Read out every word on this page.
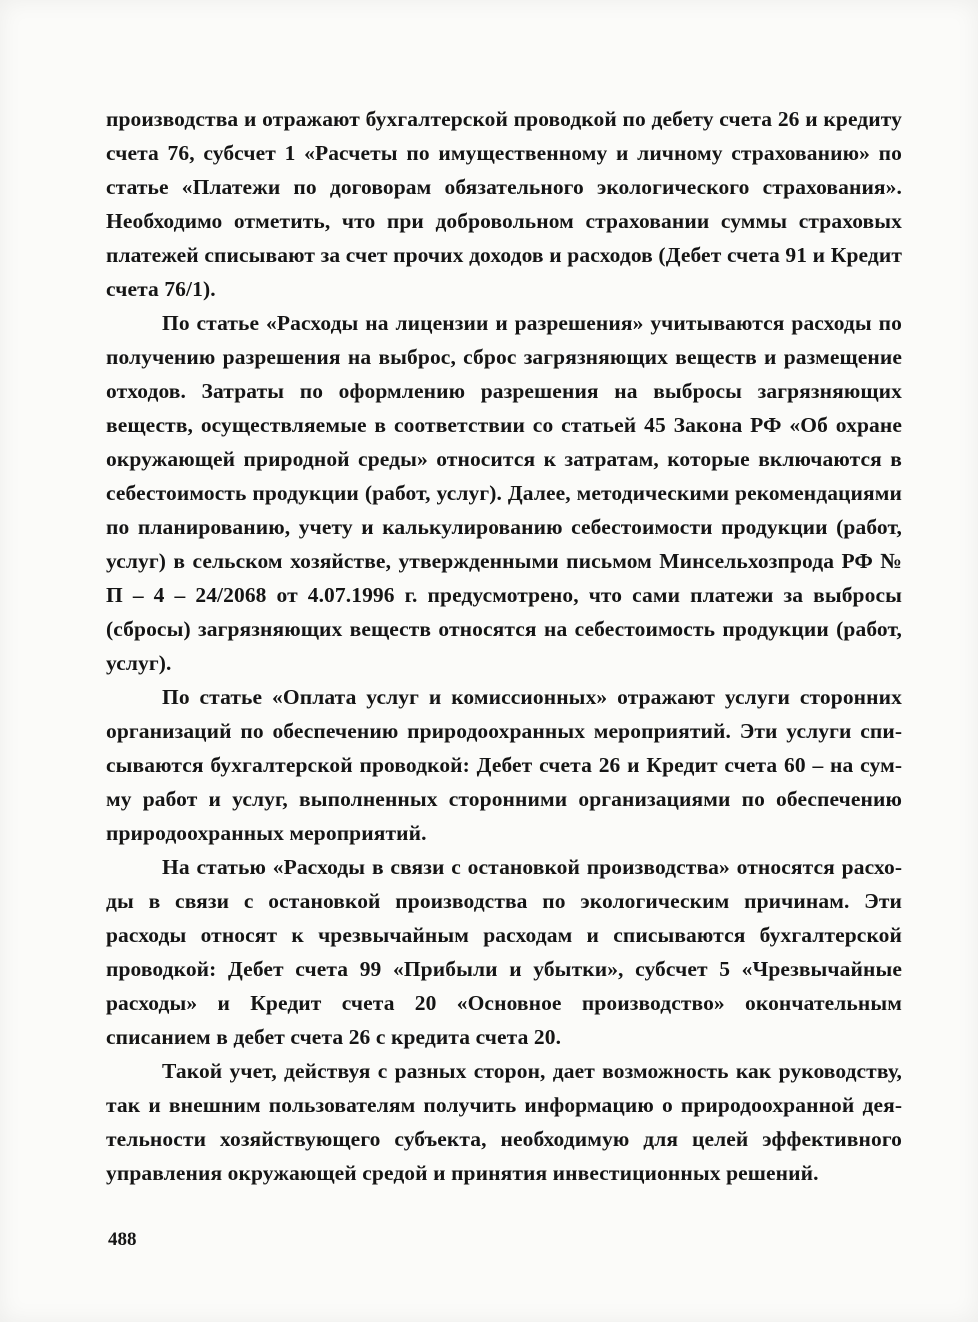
производства и отражают бухгалтерской проводкой по дебету счета 26 и кредиту счета 76, субсчет 1 «Расчеты по имущественному и личному страхованию» по статье «Платежи по договорам обязательного экологического страхования». Необходимо отметить, что при добровольном страховании суммы страховых платежей списывают за счет прочих доходов и расходов (Дебет счета 91 и Кредит счета 76/1).

По статье «Расходы на лицензии и разрешения» учитываются расходы по получению разрешения на выброс, сброс загрязняющих веществ и размещение отходов. Затраты по оформлению разрешения на выбросы загрязняющих веществ, осуществляемые в соответствии со статьей 45 Закона РФ «Об охране окружающей природной среды» относится к затратам, которые включаются в себестоимость продукции (работ, услуг). Далее, методическими рекомендациями по планированию, учету и калькулированию себестоимости продукции (работ, услуг) в сельском хозяйстве, утвержденными письмом Минсельхозпрода РФ № П – 4 – 24/2068 от 4.07.1996 г. предусмотрено, что сами платежи за выбросы (сбросы) загрязняющих веществ относятся на себестоимость продукции (работ, услуг).

По статье «Оплата услуг и комиссионных» отражают услуги сторонних организаций по обеспечению природоохранных мероприятий. Эти услуги списываются бухгалтерской проводкой: Дебет счета 26 и Кредит счета 60 – на сумму работ и услуг, выполненных сторонними организациями по обеспечению природоохранных мероприятий.

На статью «Расходы в связи с остановкой производства» относятся расходы в связи с остановкой производства по экологическим причинам. Эти расходы относят к чрезвычайным расходам и списываются бухгалтерской проводкой: Дебет счета 99 «Прибыли и убытки», субсчет 5 «Чрезвычайные расходы» и Кредит счета 20 «Основное производство» окончательным списанием в дебет счета 26 с кредита счета 20.

Такой учет, действуя с разных сторон, дает возможность как руководству, так и внешним пользователям получить информацию о природоохранной деятельности хозяйствующего субъекта, необходимую для целей эффективного управления окружающей средой и принятия инвестиционных решений.

488
